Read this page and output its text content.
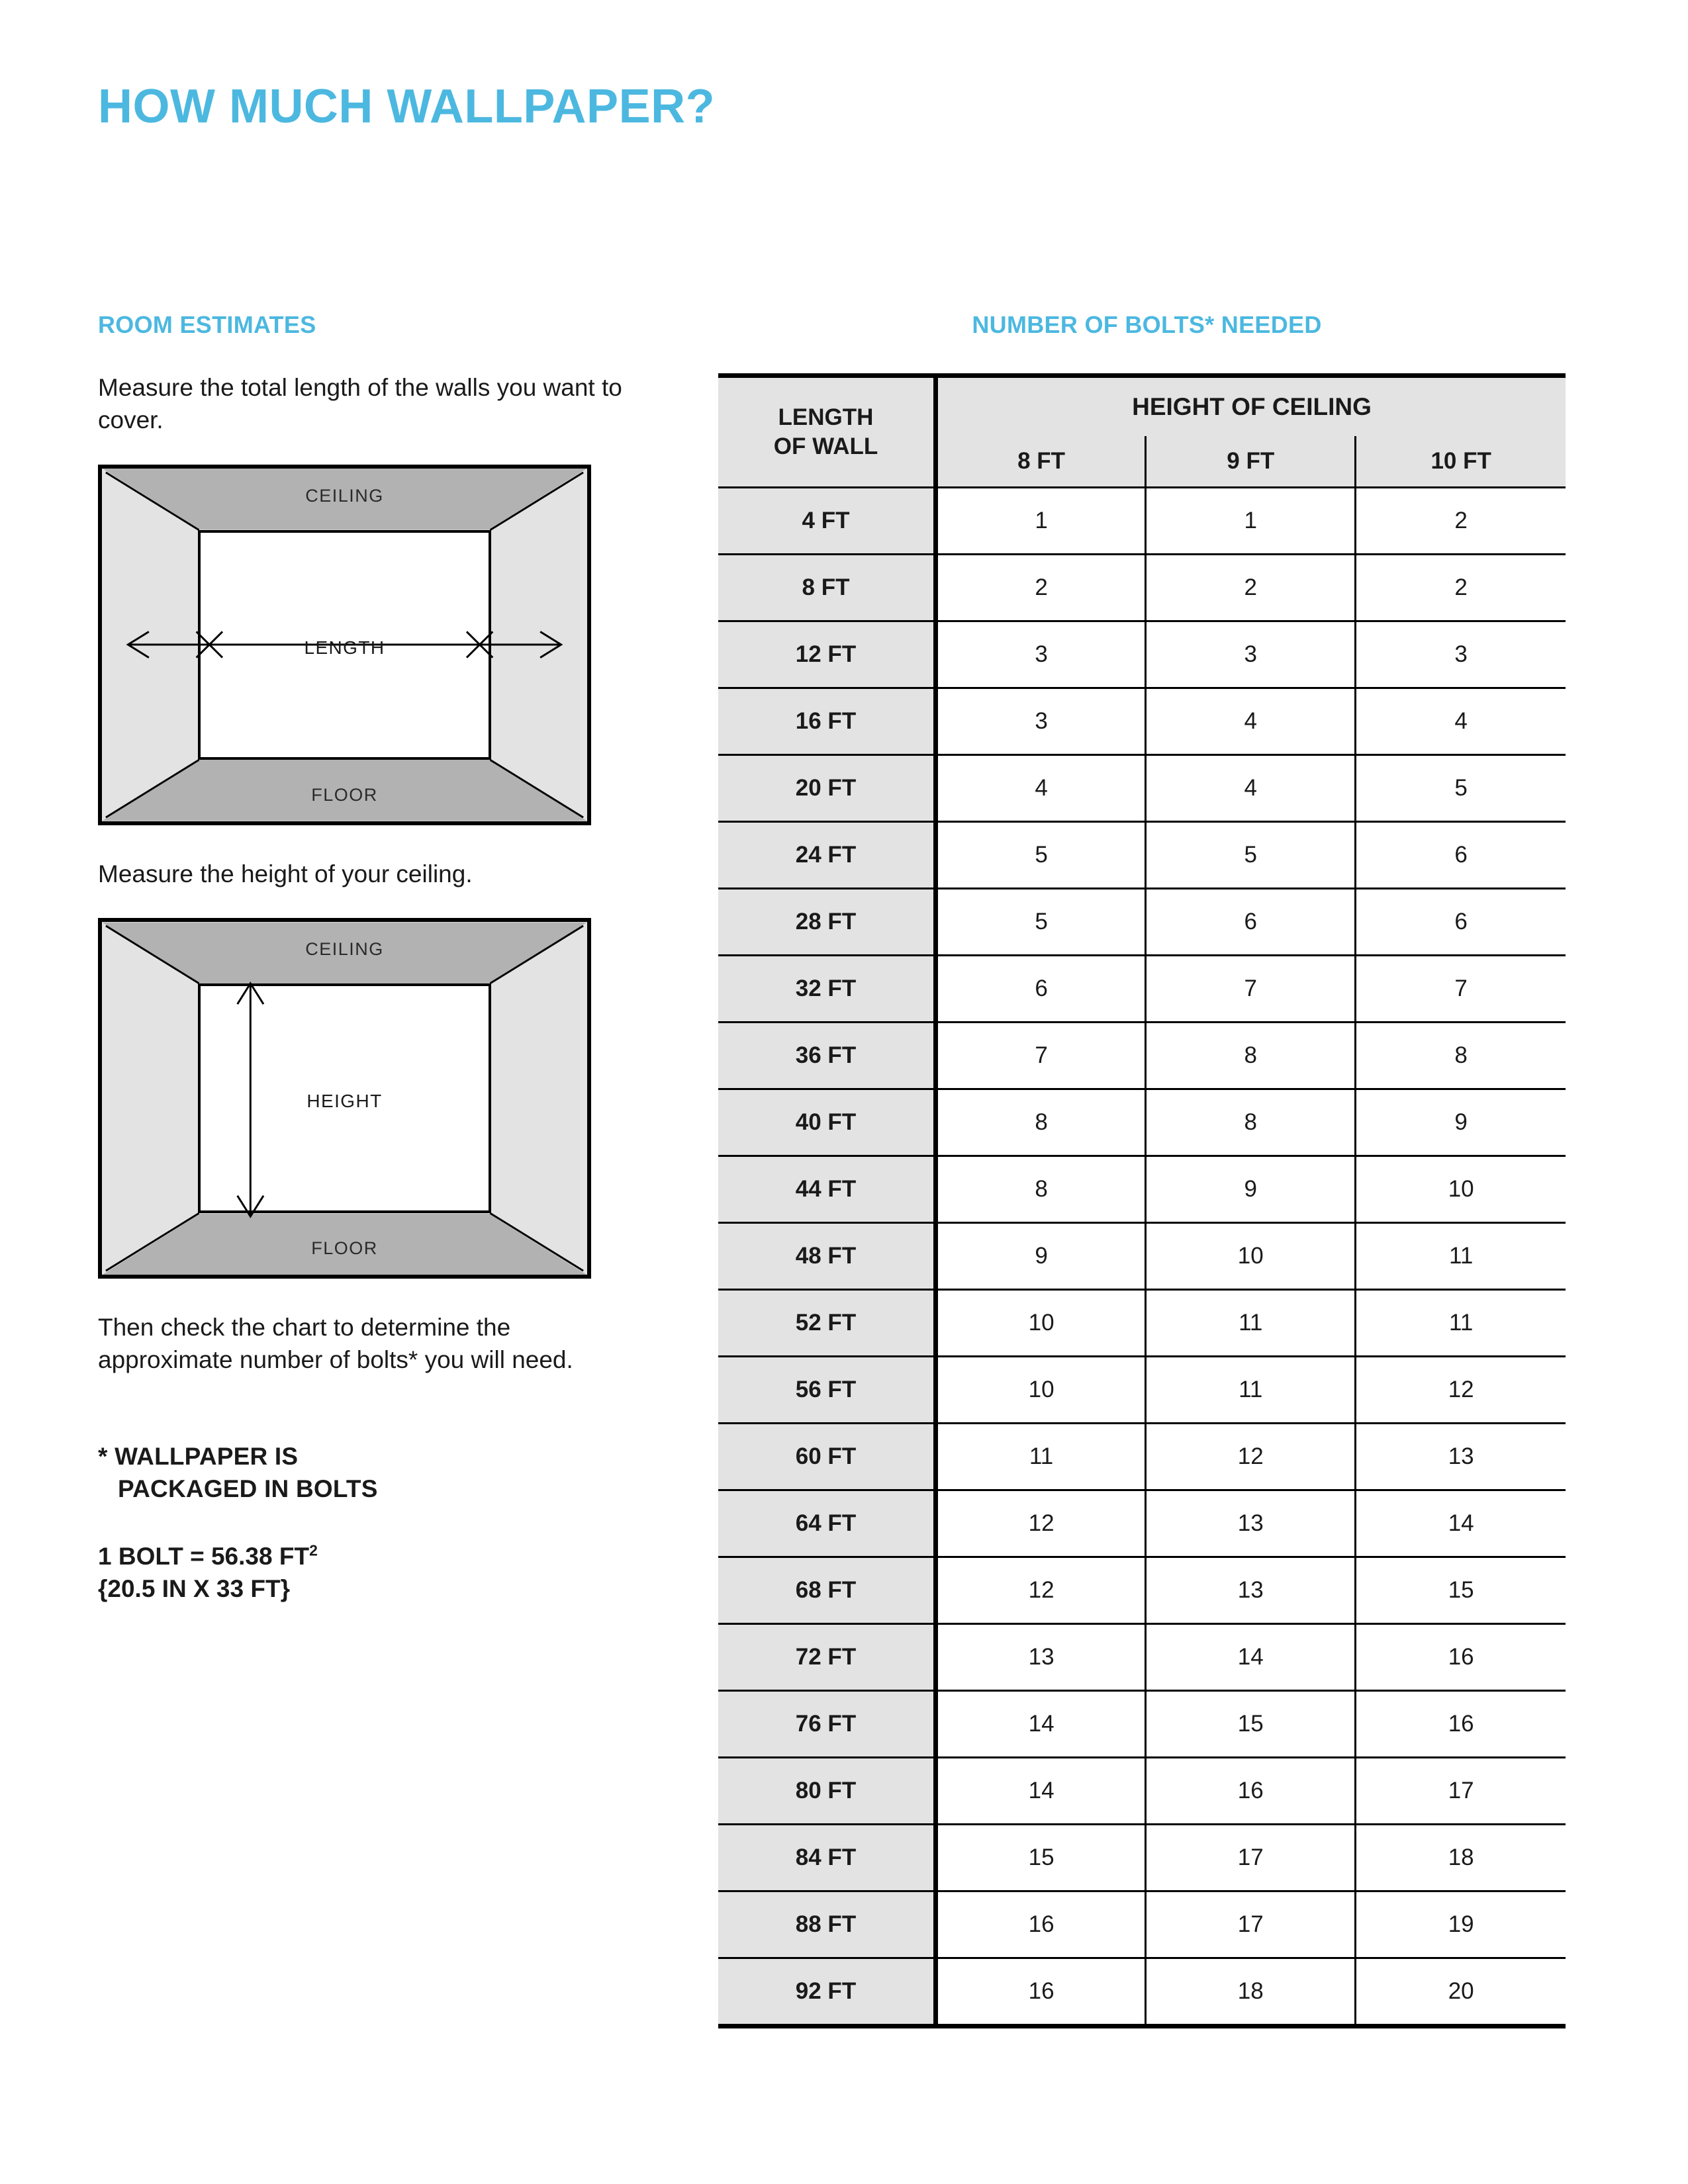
HOW MUCH WALLPAPER?
ROOM ESTIMATES
Measure the total length of the walls you want to cover.
CEILING
FLOOR
LENGTH
Measure the height of your ceiling.
CEILING
FLOOR
HEIGHT
Then check the chart to determine the approximate number of bolts* you will need.
* WALLPAPER IS
PACKAGED IN BOLTS
1 BOLT = 56.38 $FT^2$
{20.5 IN X 33 FT}
NUMBER OF BOLTS* NEEDED
LENGTH
OF WALL	HEIGHT OF CEILING		
	8 FT	9 FT	10 FT
4 FT	1	1	2
8 FT	2	2	2
12 FT	3	3	3
16 FT	3	4	4
20 FT	4	4	5
24 FT	5	5	6
28 FT	5	6	6
32 FT	6	7	7
36 FT	7	8	8
40 FT	8	8	9
44 FT	8	9	10
48 FT	9	10	11
52 FT	10	11	11
56 FT	10	11	12
60 FT	11	12	13
64 FT	12	13	14
68 FT	12	13	15
72 FT	13	14	16
76 FT	14	15	16
80 FT	14	16	17
84 FT	15	17	18
88 FT	16	17	19
92 FT	16	18	20
